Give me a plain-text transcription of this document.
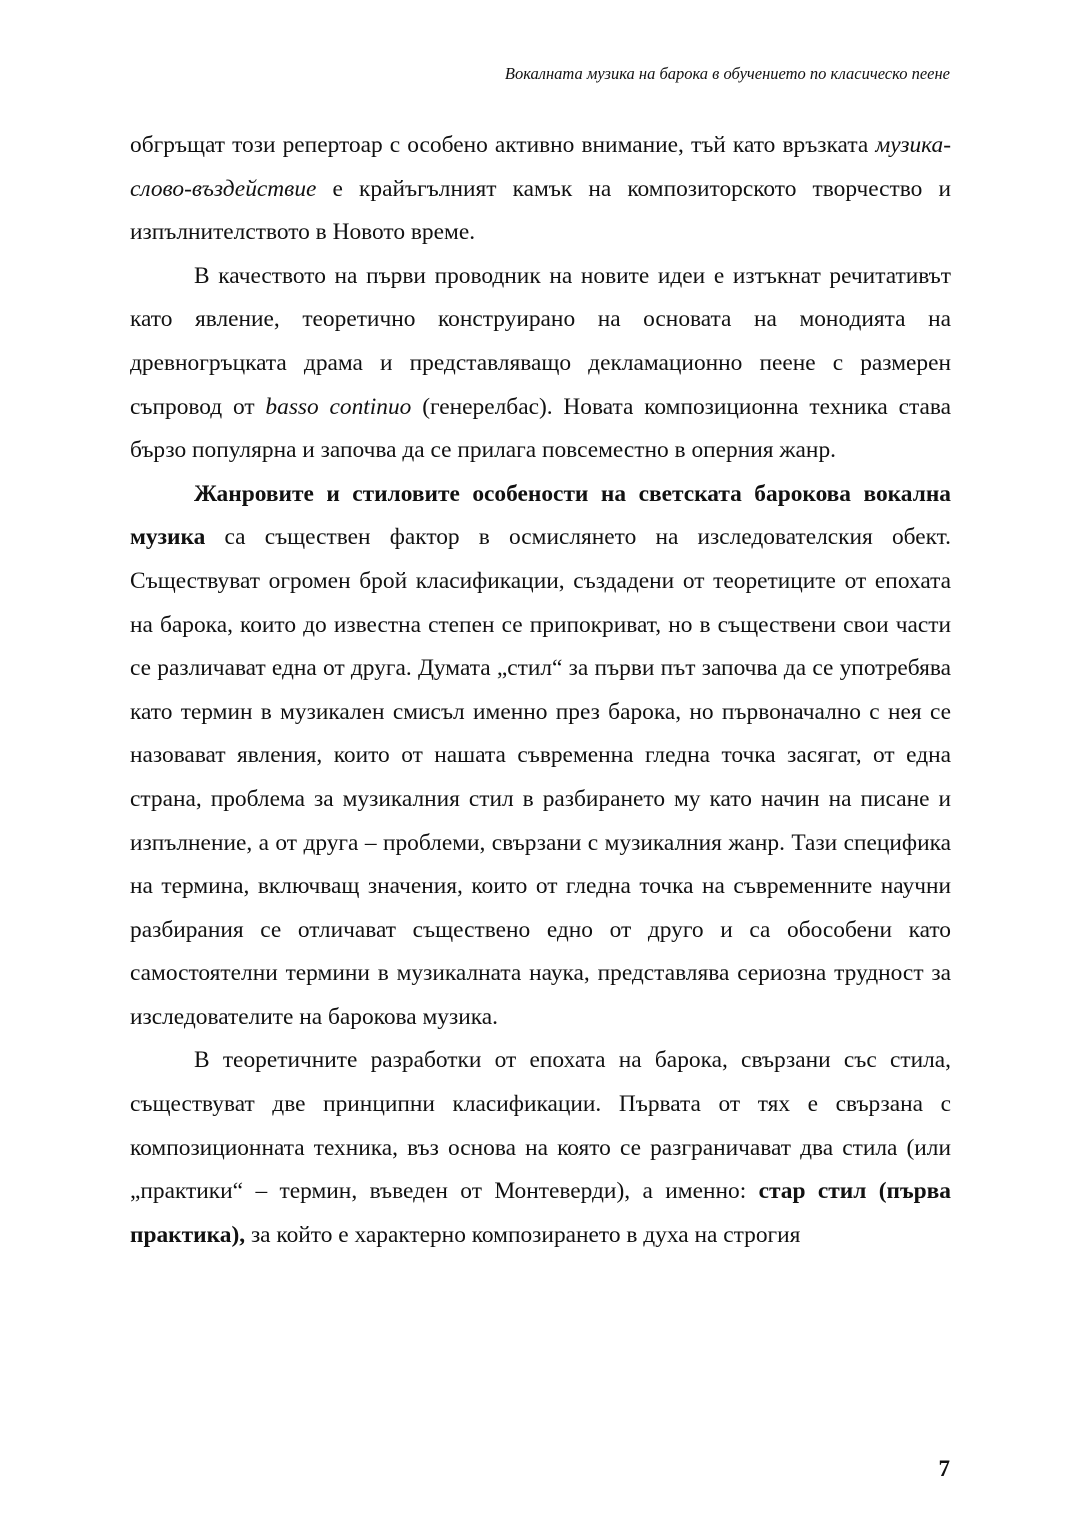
Вокалната музика на барока в обучението по класическо пеене

обгръщат този репертоар с особено активно внимание, тъй като връзката музика-слово-въздействие е крайъгълният камък на композиторското творчество и изпълнителството в Новото време.

В качеството на първи проводник на новите идеи е изтъкнат речитативът като явление, теоретично конструирано на основата на монодията на древногръцката драма и представляващо декламационно пеене с размерен съпровод от basso continuo (генерелбас). Новата композиционна техника става бързо популярна и започва да се прилага повсеместно в оперния жанр.

Жанровите и стиловите особености на светската барокова вокална музика са съществен фактор в осмислянето на изследователския обект. Съществуват огромен брой класификации, създадени от теоретиците от епохата на барока, които до известна степен се припокриват, но в съществени свои части се различават една от друга. Думата „стил“ за първи път започва да се употребява като термин в музикален смисъл именно през барока, но първоначално с нея се назовават явления, които от нашата съвременна гледна точка засягат, от една страна, проблема за музикалния стил в разбирането му като начин на писане и изпълнение, а от друга – проблеми, свързани с музикалния жанр. Тази специфика на термина, включващ значения, които от гледна точка на съвременните научни разбирания се отличават съществено едно от друго и са обособени като самостоятелни термини в музикалната наука, представлява сериозна трудност за изследователите на барокова музика.

В теоретичните разработки от епохата на барока, свързани със стила, съществуват две принципни класификации. Първата от тях е свързана с композиционната техника, въз основа на която се разграничават два стила (или „практики“ – термин, въведен от Монтеверди), а именно: стар стил (първа практика), за който е характерно композирането в духа на строгия

7
